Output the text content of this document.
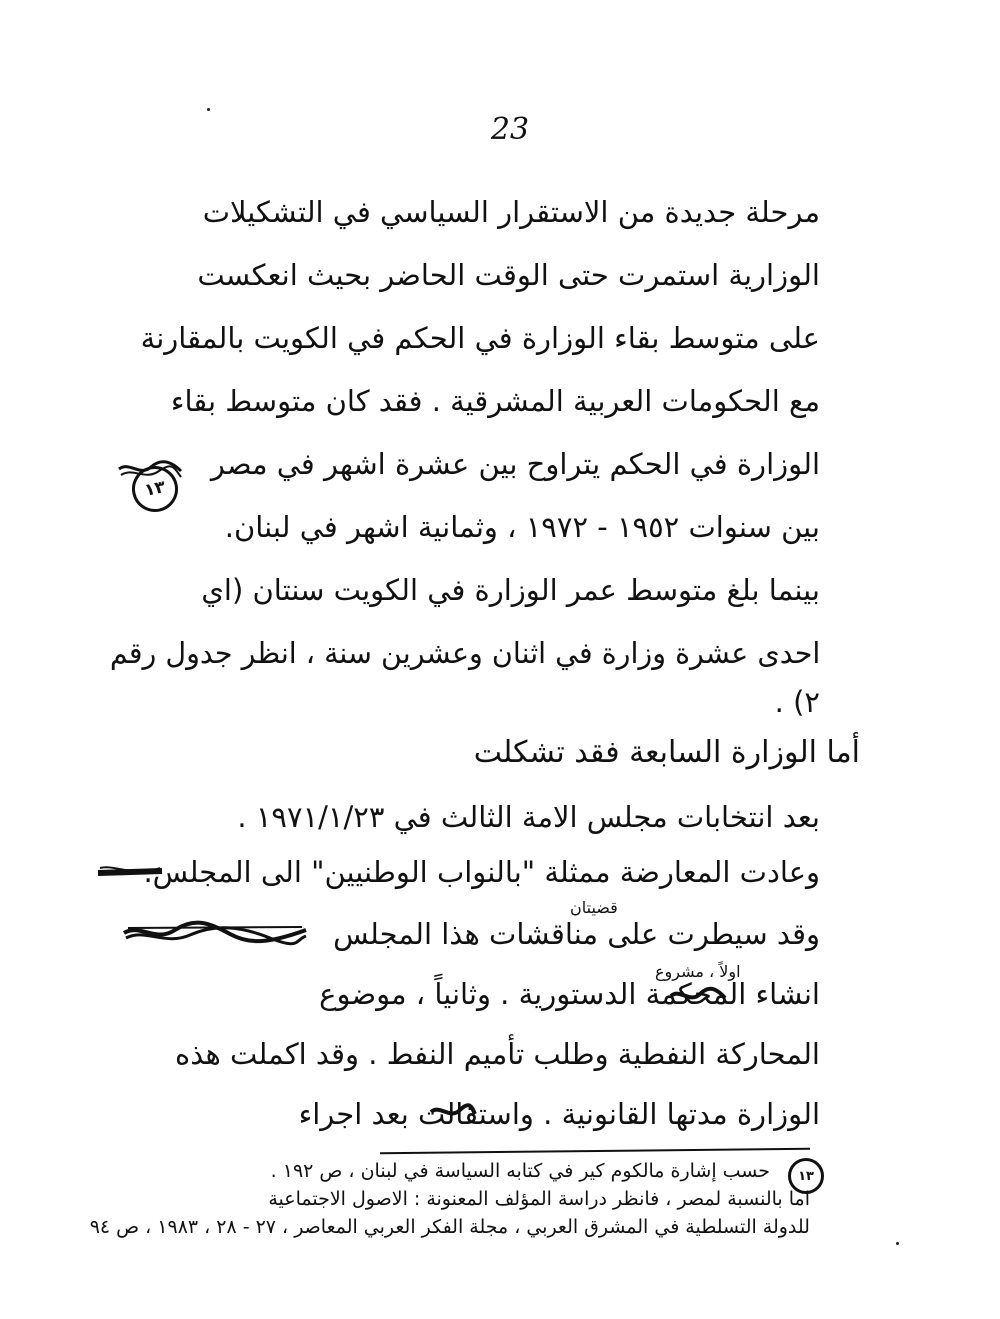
23
مرحلة جديدة من الاستقرار السياسي في التشكيلات
الوزارية استمرت حتى الوقت الحاضر بحيث انعكست
على متوسط بقاء الوزارة في الحكم في الكويت بالمقارنة
مع الحكومات العربية المشرقية . فقد كان متوسط بقاء
الوزارة في الحكم يتراوح بين عشرة اشهر في مصر
بين سنوات ١٩٥٢ - ١٩٧٢ ، وثمانية اشهر في لبنان.
بينما بلغ متوسط عمر الوزارة في الكويت سنتان (اي
احدى عشرة وزارة في اثنان وعشرين سنة ، انظر جدول رقم
٢) .
١٣
أما الوزارة السابعة فقد تشكلت
بعد انتخابات مجلس الامة الثالث في ١٩٧١/١/٢٣ .
وعادت المعارضة ممثلة "بالنواب الوطنيين" الى المجلس.
وقد سيطرت على مناقشات هذا المجلس
انشاء المحكمة الدستورية . وثانياً ، موضوع
المحاركة النفطية وطلب تأميم النفط . وقد اكملت هذه
الوزارة مدتها القانونية . واستقالت بعد اجراء
قضيتان
اولاً ، مشروع
١٣
حسب إشارة مالكوم كير في كتابه السياسة في لبنان ، ص ١٩٢ .
اما بالنسبة لمصر ، فانظر دراسة المؤلف المعنونة : الاصول الاجتماعية
للدولة التسلطية في المشرق العربي ، مجلة الفكر العربي المعاصر ، ٢٧ - ٢٨ ، ١٩٨٣ ، ص ٩٤
